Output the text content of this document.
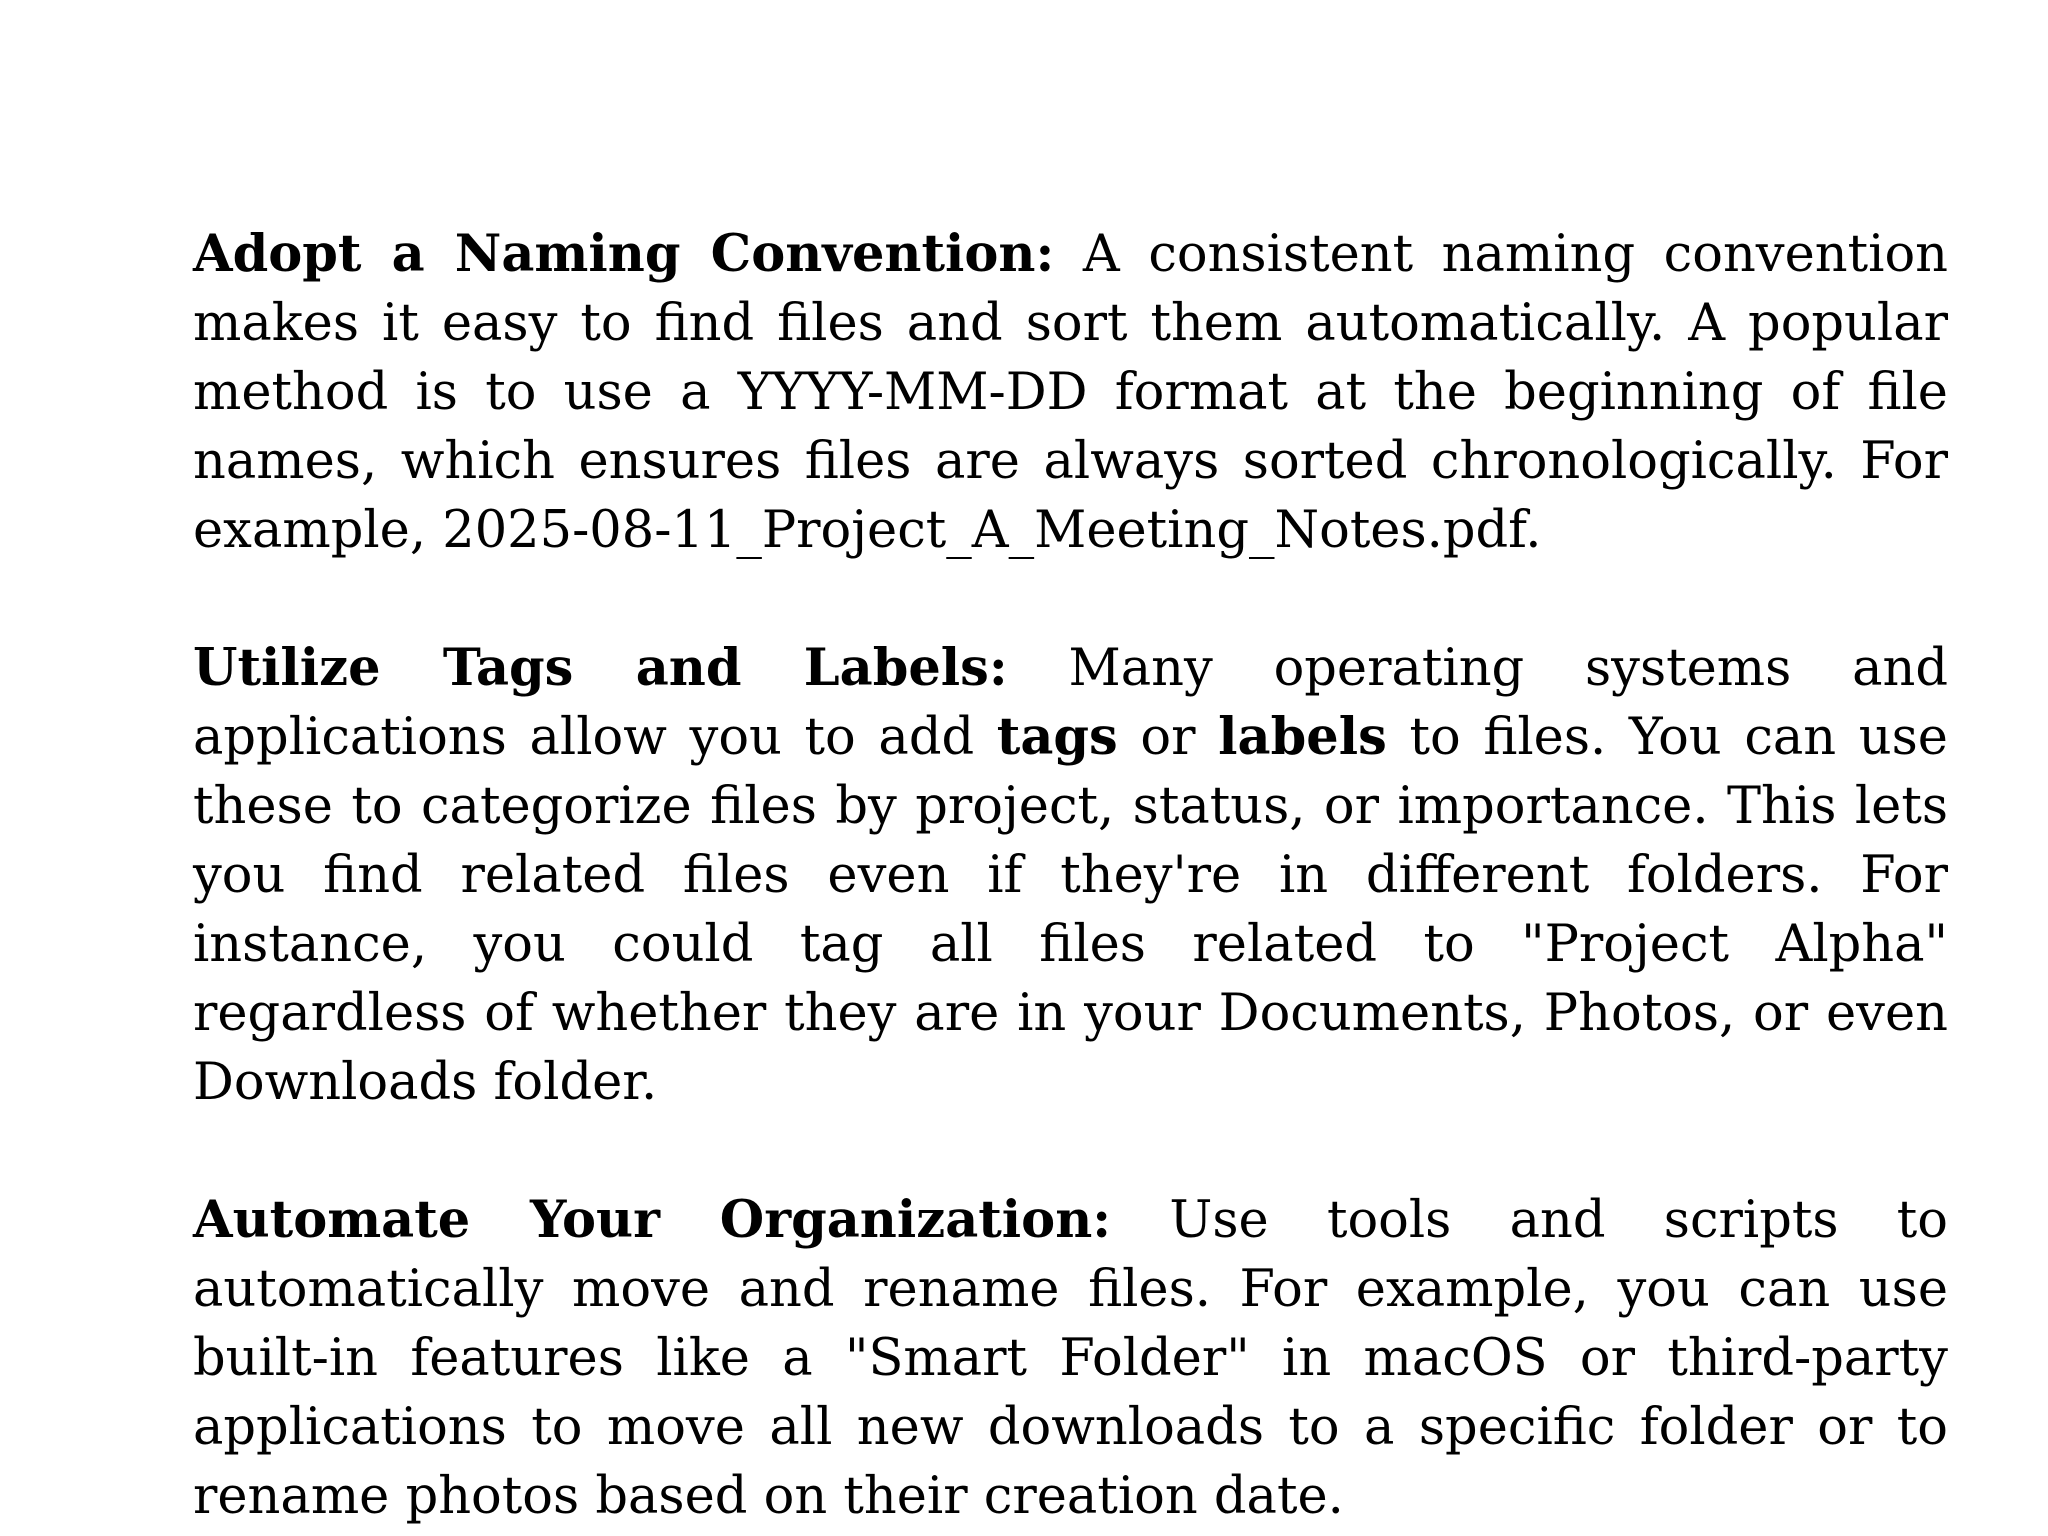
Adopt a Naming Convention: A consistent naming convention makes it easy to find files and sort them automatically. A popular method is to use a YYYY-MM-DD format at the beginning of file names, which ensures files are always sorted chronologically. For example, 2025-08-11_Project_A_Meeting_Notes.pdf.

Utilize Tags and Labels: Many operating systems and applications allow you to add tags or labels to files. You can use these to categorize files by project, status, or importance. This lets you find related files even if they're in different folders. For instance, you could tag all files related to "Project Alpha" regardless of whether they are in your Documents, Photos, or even Downloads folder.

Automate Your Organization: Use tools and scripts to automatically move and rename files. For example, you can use built-in features like a "Smart Folder" in macOS or third-party applications to move all new downloads to a specific folder or to rename photos based on their creation date.
